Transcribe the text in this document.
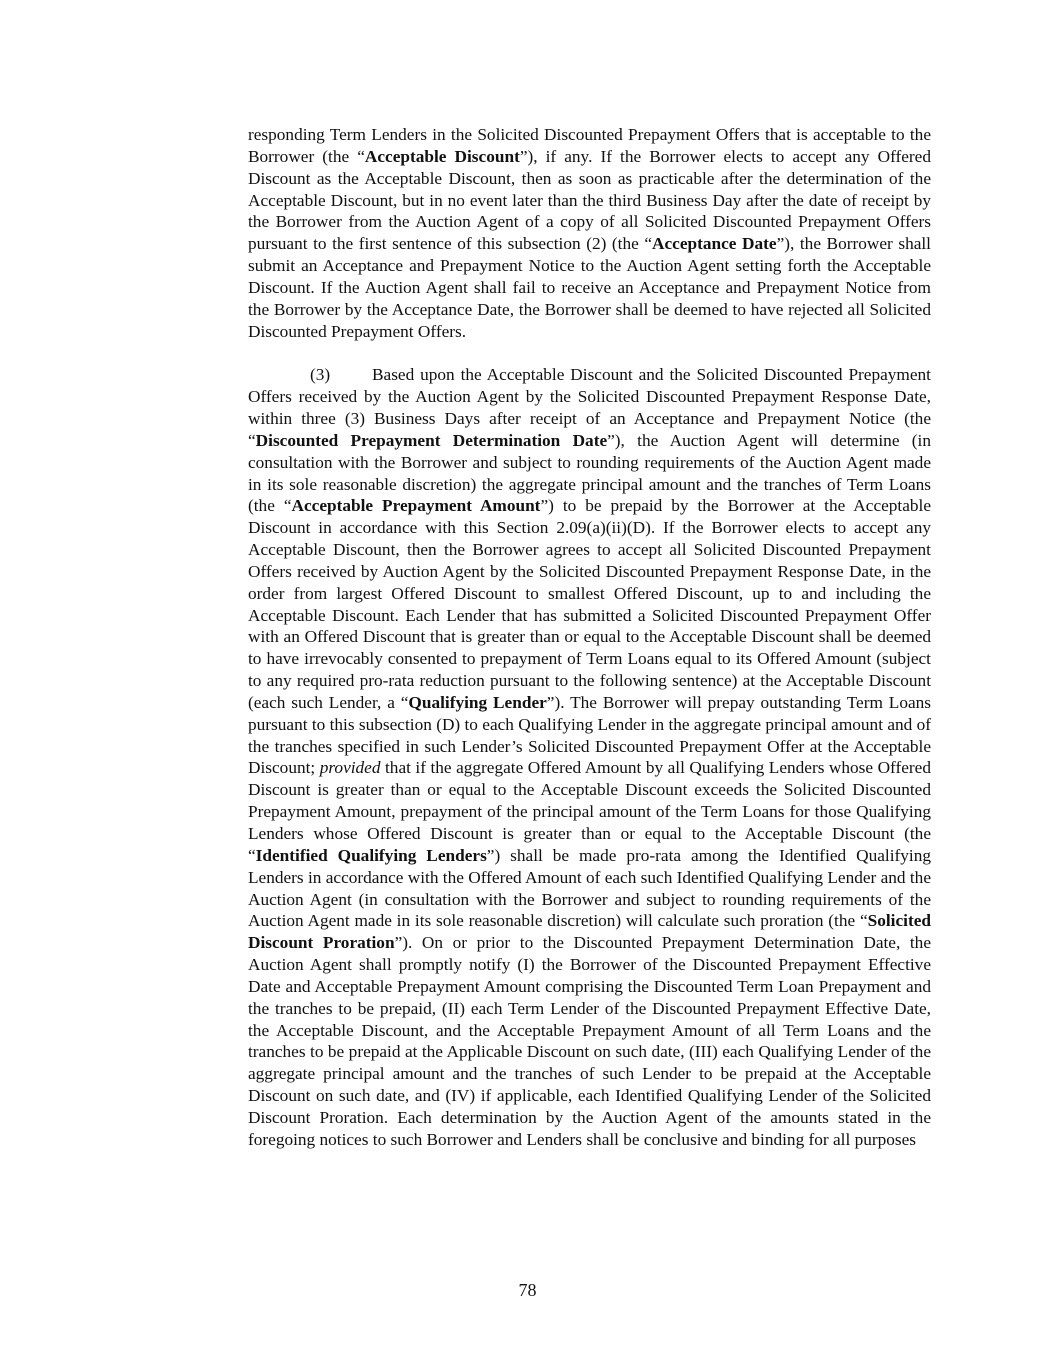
responding Term Lenders in the Solicited Discounted Prepayment Offers that is acceptable to the Borrower (the “Acceptable Discount”), if any. If the Borrower elects to accept any Offered Discount as the Acceptable Discount, then as soon as practicable after the determination of the Acceptable Discount, but in no event later than the third Business Day after the date of receipt by the Borrower from the Auction Agent of a copy of all Solicited Discounted Prepayment Offers pursuant to the first sentence of this subsection (2) (the “Acceptance Date”), the Borrower shall submit an Acceptance and Prepayment Notice to the Auction Agent setting forth the Acceptable Discount. If the Auction Agent shall fail to receive an Acceptance and Prepayment Notice from the Borrower by the Acceptance Date, the Borrower shall be deemed to have rejected all Solicited Discounted Prepayment Offers.

(3) Based upon the Acceptable Discount and the Solicited Discounted Prepayment Offers received by the Auction Agent by the Solicited Discounted Prepayment Response Date, within three (3) Business Days after receipt of an Acceptance and Prepayment Notice (the “Discounted Prepayment Determination Date”), the Auction Agent will determine (in consultation with the Borrower and subject to rounding requirements of the Auction Agent made in its sole reasonable discretion) the aggregate principal amount and the tranches of Term Loans (the “Acceptable Prepayment Amount”) to be prepaid by the Borrower at the Acceptable Discount in accordance with this Section 2.09(a)(ii)(D). If the Borrower elects to accept any Acceptable Discount, then the Borrower agrees to accept all Solicited Discounted Prepayment Offers received by Auction Agent by the Solicited Discounted Prepayment Response Date, in the order from largest Offered Discount to smallest Offered Discount, up to and including the Acceptable Discount. Each Lender that has submitted a Solicited Discounted Prepayment Offer with an Offered Discount that is greater than or equal to the Acceptable Discount shall be deemed to have irrevocably consented to prepayment of Term Loans equal to its Offered Amount (subject to any required pro-rata reduction pursuant to the following sentence) at the Acceptable Discount (each such Lender, a “Qualifying Lender”). The Borrower will prepay outstanding Term Loans pursuant to this subsection (D) to each Qualifying Lender in the aggregate principal amount and of the tranches specified in such Lender’s Solicited Discounted Prepayment Offer at the Acceptable Discount; provided that if the aggregate Offered Amount by all Qualifying Lenders whose Offered Discount is greater than or equal to the Acceptable Discount exceeds the Solicited Discounted Prepayment Amount, prepayment of the principal amount of the Term Loans for those Qualifying Lenders whose Offered Discount is greater than or equal to the Acceptable Discount (the “Identified Qualifying Lenders”) shall be made pro-rata among the Identified Qualifying Lenders in accordance with the Offered Amount of each such Identified Qualifying Lender and the Auction Agent (in consultation with the Borrower and subject to rounding requirements of the Auction Agent made in its sole reasonable discretion) will calculate such proration (the “Solicited Discount Proration”). On or prior to the Discounted Prepayment Determination Date, the Auction Agent shall promptly notify (I) the Borrower of the Discounted Prepayment Effective Date and Acceptable Prepayment Amount comprising the Discounted Term Loan Prepayment and the tranches to be prepaid, (II) each Term Lender of the Discounted Prepayment Effective Date, the Acceptable Discount, and the Acceptable Prepayment Amount of all Term Loans and the tranches to be prepaid at the Applicable Discount on such date, (III) each Qualifying Lender of the aggregate principal amount and the tranches of such Lender to be prepaid at the Acceptable Discount on such date, and (IV) if applicable, each Identified Qualifying Lender of the Solicited Discount Proration. Each determination by the Auction Agent of the amounts stated in the foregoing notices to such Borrower and Lenders shall be conclusive and binding for all purposes

78
